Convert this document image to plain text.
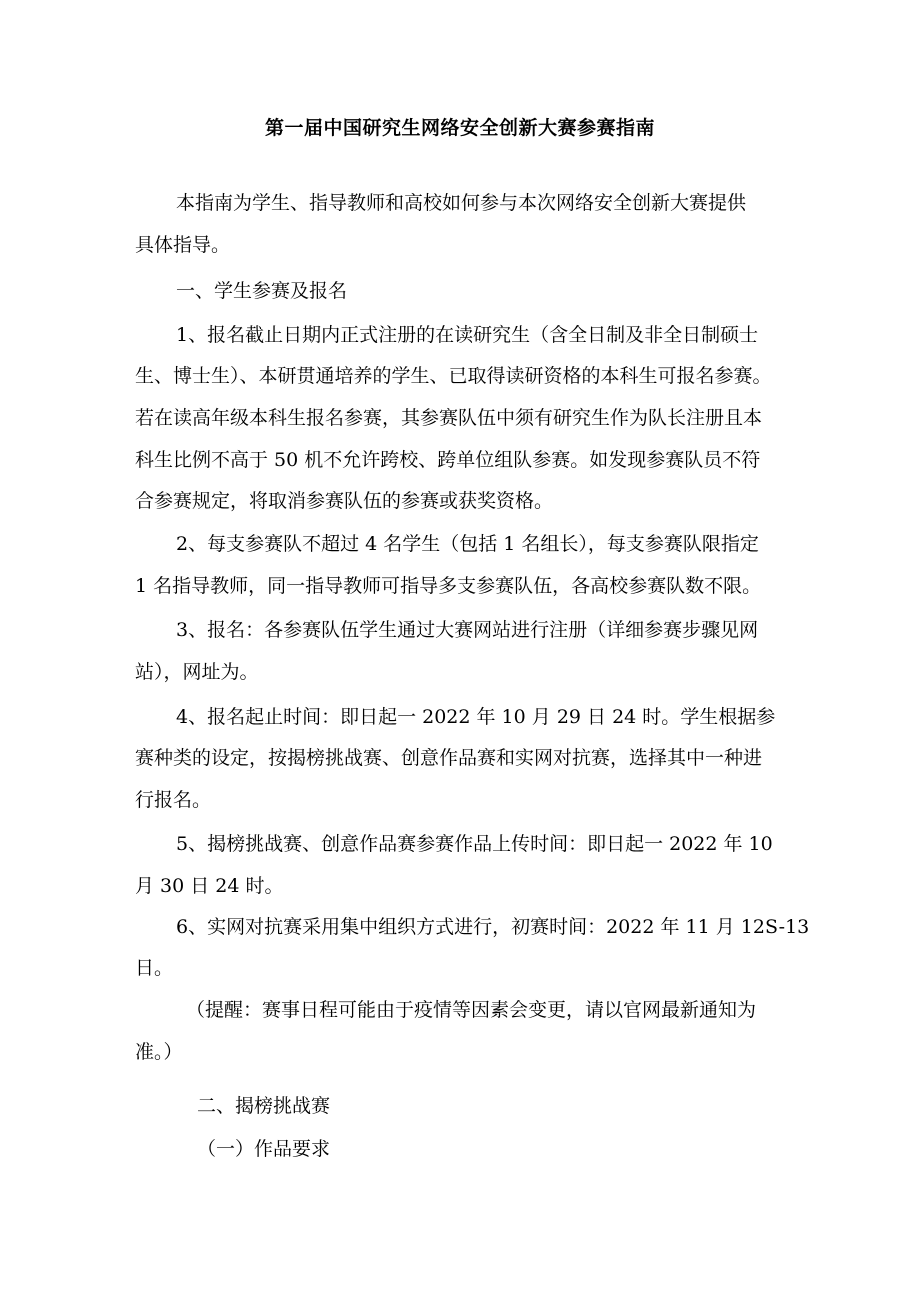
第一届中国研究生网络安全创新大赛参赛指南
本指南为学生、指导教师和高校如何参与本次网络安全创新大赛提供
具体指导。
一、学生参赛及报名
1、报名截止日期内正式注册的在读研究生（含全日制及非全日制硕士
生、博士生）、本研贯通培养的学生、已取得读研资格的本科生可报名参赛。
若在读高年级本科生报名参赛，其参赛队伍中须有研究生作为队长注册且本
科生比例不高于 50 机不允许跨校、跨单位组队参赛。如发现参赛队员不符
合参赛规定，将取消参赛队伍的参赛或获奖资格。
2、每支参赛队不超过 4 名学生（包括 1 名组长），每支参赛队限指定
1 名指导教师，同一指导教师可指导多支参赛队伍，各高校参赛队数不限。
3、报名：各参赛队伍学生通过大赛网站进行注册（详细参赛步骤见网
站），网址为。
4、报名起止时间：即日起一 2022 年 10 月 29 日 24 时。学生根据参
赛种类的设定，按揭榜挑战赛、创意作品赛和实网对抗赛，选择其中一种进
行报名。
5、揭榜挑战赛、创意作品赛参赛作品上传时间：即日起一 2022 年 10
月 30 日 24 时。
6、实网对抗赛采用集中组织方式进行，初赛时间：2022 年 11 月 12S-13
日。
（提醒：赛事日程可能由于疫情等因素会变更，请以官网最新通知为
准。）
二、揭榜挑战赛
（一）作品要求
